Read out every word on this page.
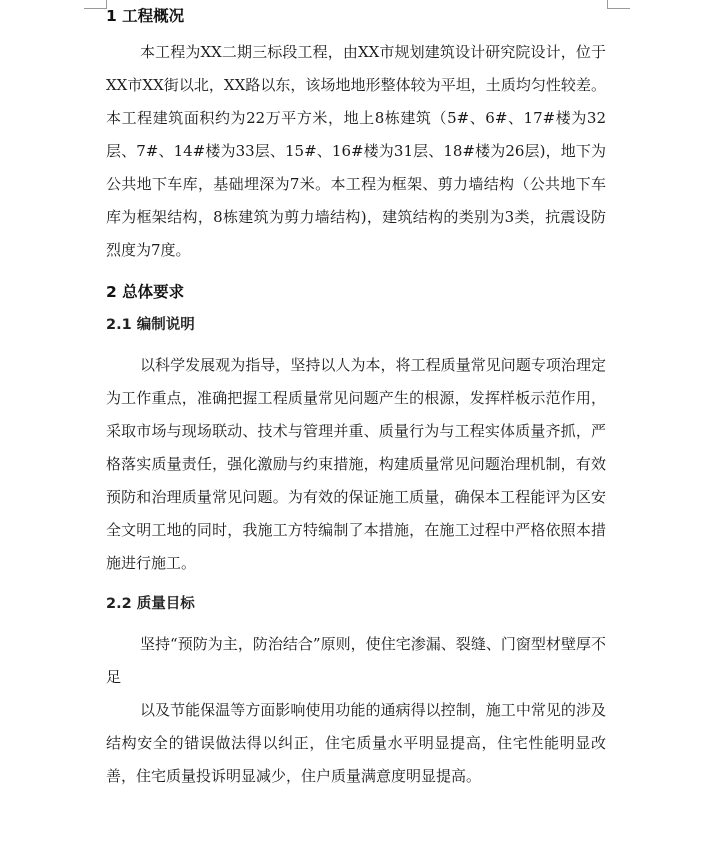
1 工程概况

本工程为XX二期三标段工程，由XX市规划建筑设计研究院设计，位于XX市XX街以北，XX路以东，该场地地形整体较为平坦，土质均匀性较差。本工程建筑面积约为22万平方米，地上8栋建筑（5#、6#、17#楼为32层、7#、14#楼为33层、15#、16#楼为31层、18#楼为26层)，地下为公共地下车库，基础埋深为7米。本工程为框架、剪力墙结构（公共地下车库为框架结构，8栋建筑为剪力墙结构)，建筑结构的类别为3类，抗震设防烈度为7度。

2 总体要求
2.1 编制说明

以科学发展观为指导，坚持以人为本，将工程质量常见问题专项治理定为工作重点，准确把握工程质量常见问题产生的根源，发挥样板示范作用，采取市场与现场联动、技术与管理并重、质量行为与工程实体质量齐抓，严格落实质量责任，强化激励与约束措施，构建质量常见问题治理机制，有效预防和治理质量常见问题。为有效的保证施工质量，确保本工程能评为区安全文明工地的同时，我施工方特编制了本措施，在施工过程中严格依照本措施进行施工。

2.2 质量目标

坚持“预防为主，防治结合”原则，使住宅渗漏、裂缝、门窗型材壁厚不足

以及节能保温等方面影响使用功能的通病得以控制，施工中常见的涉及结构安全的错误做法得以纠正，住宅质量水平明显提高，住宅性能明显改善，住宅质量投诉明显减少，住户质量满意度明显提高。
